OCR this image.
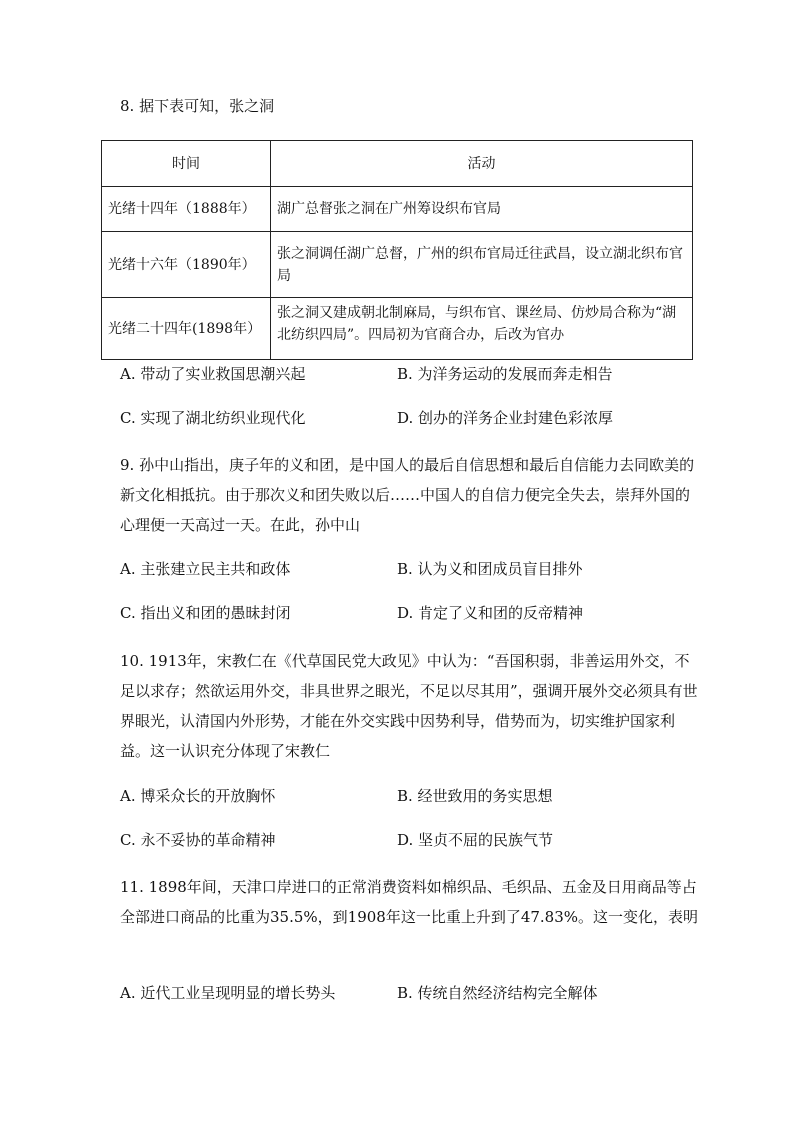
8. 据下表可知，张之洞

时间	活动
光绪十四年（1888年）	湖广总督张之洞在广州筹设织布官局
光绪十六年（1890年）	张之洞调任湖广总督，广州的织布官局迁往武昌，设立湖北织布官局
光绪二十四年(1898年）	张之洞又建成朝北制麻局，与织布官、课丝局、仿炒局合称为“湖北纺织四局”。四局初为官商合办，后改为官办
A. 带动了实业救国思潮兴起	B. 为洋务运动的发展而奔走相告
C. 实现了湖北纺织业现代化	D. 创办的洋务企业封建色彩浓厚

9. 孙中山指出，庚子年的义和团，是中国人的最后自信思想和最后自信能力去同欧美的新文化相抵抗。由于那次义和团失败以后……中国人的自信力便完全失去，崇拜外国的心理便一天高过一天。在此，孙中山

A. 主张建立民主共和政体	B. 认为义和团成员盲目排外
C. 指出义和团的愚昧封闭	D. 肯定了义和团的反帝精神

10. 1913年，宋教仁在《代草国民党大政见》中认为：“吾国积弱，非善运用外交，不足以求存；然欲运用外交，非具世界之眼光，不足以尽其用”，强调开展外交必须具有世界眼光，认清国内外形势，才能在外交实践中因势利导，借势而为，切实维护国家利益。这一认识充分体现了宋教仁

A. 博采众长的开放胸怀	B. 经世致用的务实思想
C. 永不妥协的革命精神	D. 坚贞不屈的民族气节

11. 1898年间，天津口岸进口的正常消费资料如棉织品、毛织品、五金及日用商品等占全部进口商品的比重为35.5%，到1908年这一比重上升到了47.83%。这一变化，表明

A. 近代工业呈现明显的增长势头	B. 传统自然经济结构完全解体
